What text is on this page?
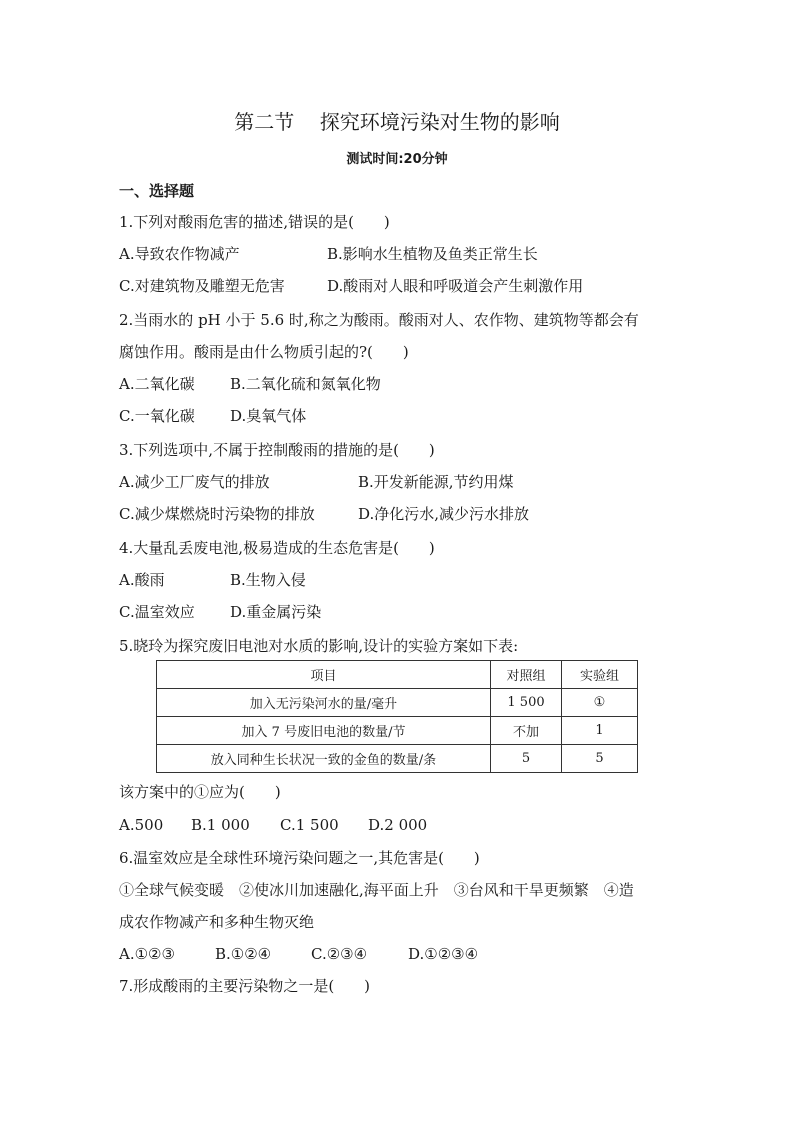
第二节    探究环境污染对生物的影响
测试时间:20分钟
一、选择题
1.下列对酸雨危害的描述,错误的是(　　)
A.导致农作物减产	B.影响水生植物及鱼类正常生长
C.对建筑物及雕塑无危害	D.酸雨对人眼和呼吸道会产生刺激作用
2.当雨水的 pH 小于 5.6 时,称之为酸雨。酸雨对人、农作物、建筑物等都会有
腐蚀作用。酸雨是由什么物质引起的?(　　)
A.二氧化碳 B.二氧化硫和氮氧化物
C.一氧化碳 D.臭氧气体
3.下列选项中,不属于控制酸雨的措施的是(　　)
A.减少工厂废气的排放	B.开发新能源,节约用煤
C.减少煤燃烧时污染物的排放	D.净化污水,减少污水排放
4.大量乱丢废电池,极易造成的生态危害是(　　)
A.酸雨	B.生物入侵
C.温室效应 D.重金属污染
5.晓玲为探究废旧电池对水质的影响,设计的实验方案如下表:
项目	对照组	实验组
加入无污染河水的量/毫升	1 500	①
加入 7 号废旧电池的数量/节	不加	1
放入同种生长状况一致的金鱼的数量/条	5	5
该方案中的①应为(　　)
A.500 B.1 000 C.1 500 D.2 000
6.温室效应是全球性环境污染问题之一,其危害是(　　)
①全球气候变暖　②使冰川加速融化,海平面上升　③台风和干旱更频繁　④造
成农作物减产和多种生物灭绝
A.①②③	B.①②④	C.②③④	D.①②③④
7.形成酸雨的主要污染物之一是(　　)
